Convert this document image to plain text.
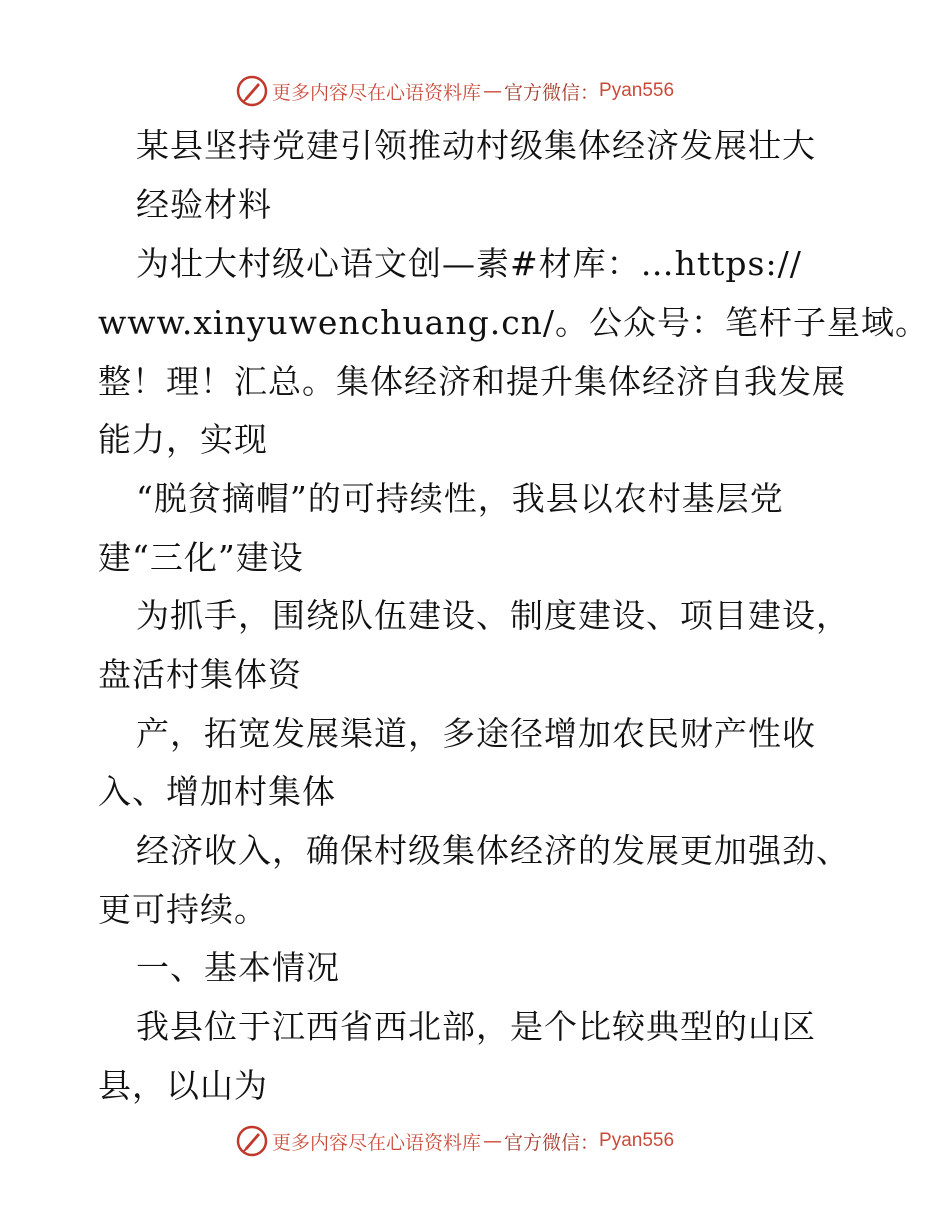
更多内容尽在心语资料库 — 官方微信： Pyan556
某县坚持党建引领推动村级集体经济发展壮大
经验材料
为壮大村级心语文创—素#材库：…https://
www.xinyuwenchuang.cn/。公众号：笔杆子星域。
整！理！汇总。集体经济和提升集体经济自我发展
能力，实现
“脱贫摘帽”的可持续性，我县以农村基层党
建“三化”建设
为抓手，围绕队伍建设、制度建设、项目建设，
盘活村集体资
产，拓宽发展渠道，多途径增加农民财产性收
入、增加村集体
经济收入，确保村级集体经济的发展更加强劲、
更可持续。
一、基本情况
我县位于江西省西北部，是个比较典型的山区
县，以山为
更多内容尽在心语资料库 — 官方微信： Pyan556
